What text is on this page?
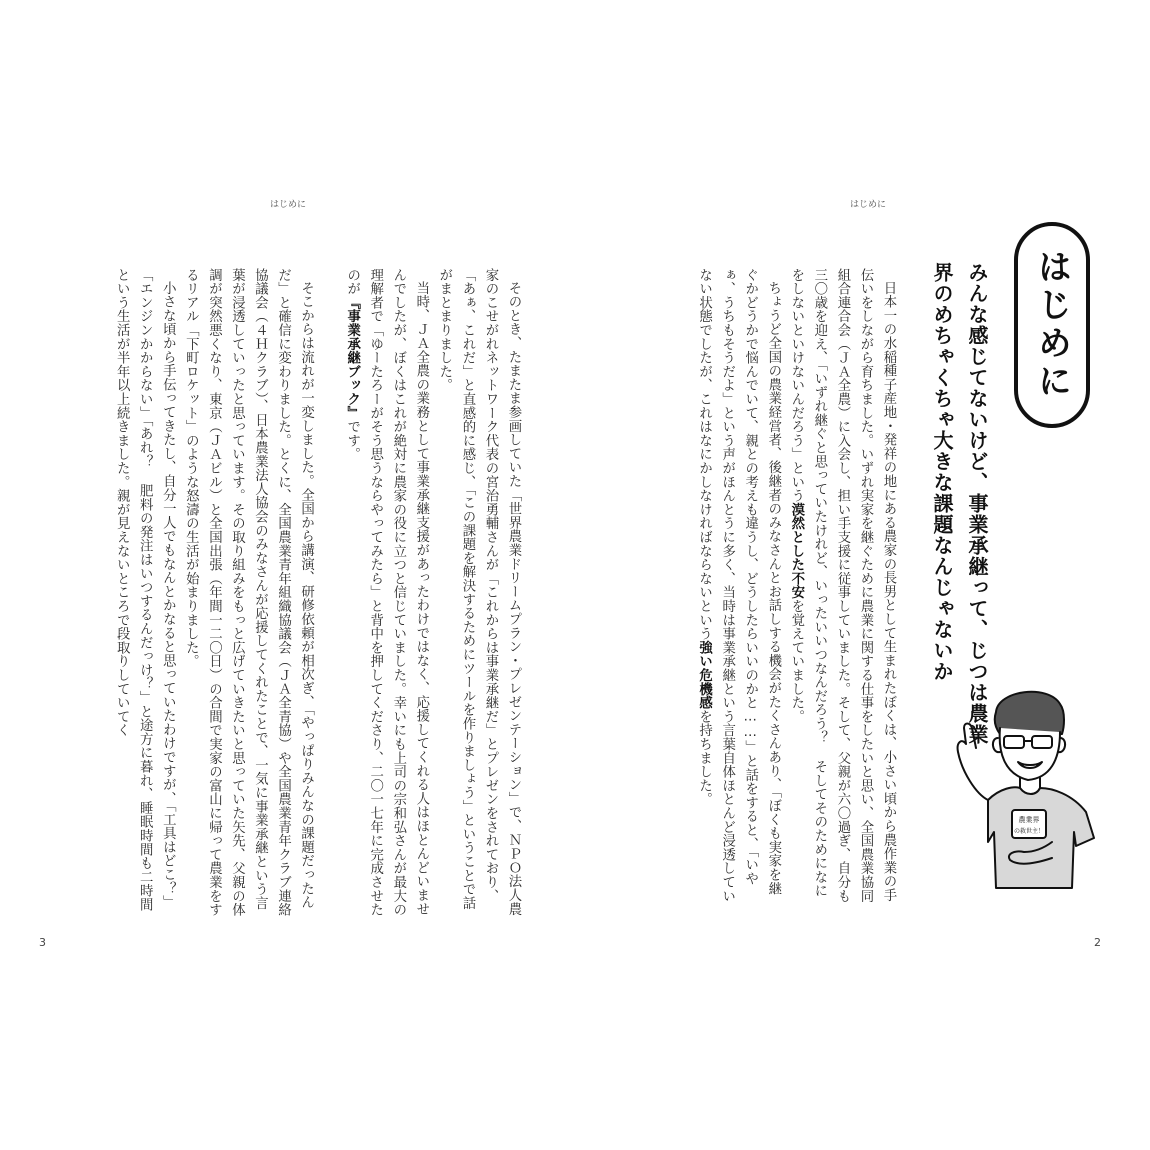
はじめに	はじめに

そのとき、たまたま参画していた「世界農業ドリームプラン・プレゼンテーション」で、ＮＰＯ法人農家のこせがれネットワーク代表の宮治勇輔さんが「これからは事業承継だ」とプレゼンをされており、「あぁ、これだ」と直感的に感じ、「この課題を解決するためにツールを作りましょう」ということで話がまとまりました。

当時、ＪＡ全農の業務として事業承継支援があったわけではなく、応援してくれる人はほとんどいませんでしたが、ぼくはこれが絶対に農家の役に立つと信じていました。幸いにも上司の宗和弘さんが最大の理解者で「ゆーたろーがそう思うならやってみたら」と背中を押してくださり、二〇一七年に完成させたのが『事業承継ブック』です。

そこからは流れが一変しました。全国から講演、研修依頼が相次ぎ、「やっぱりみんなの課題だったんだ」と確信に変わりました。とくに、全国農業青年組織協議会（ＪＡ全青協）や全国農業青年クラブ連絡協議会（４Ｈクラブ）、日本農業法人協会のみなさんが応援してくれたことで、一気に事業承継という言葉が浸透していったと思っています。その取り組みをもっと広げていきたいと思っていた矢先、父親の体調が突然悪くなり、東京（ＪＡビル）と全国出張（年間一二〇日）の合間で実家の富山に帰って農業をするリアル「下町ロケット」のような怒濤の生活が始まりました。

小さな頃から手伝ってきたし、自分一人でもなんとかなると思っていたわけですが、「工具はどこ？」「エンジンかからない」「あれ？ 肥料の発注はいつするんだっけ？」と途方に暮れ、睡眠時間も二時間という生活が半年以上続きました。親が見えないところで段取りしていてく	はじめに
みんな感じてないけど、事業承継って、じつは農業界のめちゃくちゃ大きな課題なんじゃないか

日本一の水稲種子産地・発祥の地にある農家の長男として生まれたぼくは、小さい頃から農作業の手伝いをしながら育ちました。いずれ実家を継ぐために農業に関する仕事をしたいと思い、全国農業協同組合連合会（ＪＡ全農）に入会し、担い手支援に従事していました。そして、父親が六〇過ぎ、自分も三〇歳を迎え、「いずれ継ぐと思っていたけれど、いったいいつなんだろう？ そしてそのためになにをしないといけないんだろう」という漠然とした不安を覚えていました。

ちょうど全国の農業経営者、後継者のみなさんとお話しする機会がたくさんあり、「ぼくも実家を継ぐかどうかで悩んでいて、親との考えも違うし、どうしたらいいのかと……」と話をすると、「いやぁ、うちもそうだよ」という声がほんとうに多く、当時は事業承継という言葉自体ほとんど浸透していない状態でしたが、これはなにかしなければならないという強い危機感を持ちました。

農業界
の救世主！
3	2
